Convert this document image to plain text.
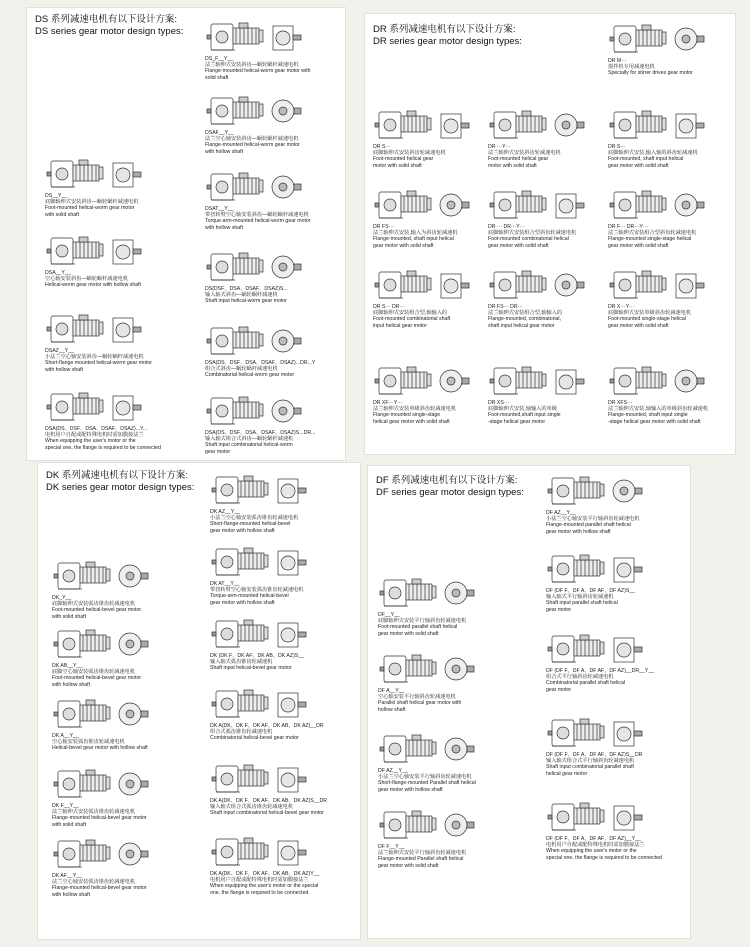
DS 系列减速电机有以下设计方案:
DS series gear motor design types:
DS_F__Y__
法兰轴伸式安装斜齿—蜗轮蜗杆减速电机
Flange-mounted helical-worm gear motor with
solid shaft
DSAF__Y__
法兰空心轴安装斜齿—蜗轮蜗杆减速电机
Flange-mounted helical-worm gear motor
with hollow shaft
DS__Y__
底脚轴伸式安装斜齿—蜗轮蜗杆减速电机
Foot-mounted helical-worm gear motor
with solid shaft
DSAT__Y__
带扭转臂空心轴安装斜齿—蜗轮蜗杆减速电机
Torque-arm-mounted helical-worm gear motor
with hollow shaft
DSA__Y__
空心轴安装斜齿—蜗轮蜗杆减速电机
Helical-worm gear motor with hollow shaft
DS(DSF、DSA、DSAF、DSAZ)S...
输入轴式斜齿—蜗轮蜗杆减速机
Shaft input helical-worm gear motor
DSAZ__Y__
小法兰空心轴安装斜齿—蜗轮蜗杆减速电机
Short-flange mounted helical-worm gear motor
with hollow shaft
DSA(DS、DSF、DSA、DSAF、DSAZ)...DR...Y
组合式斜齿—蜗轮蜗杆减速电机
Combinatorial helical-worm gear motor
DSA(DS、DSF、DSA、DSAF、DSAZ)...Y...
电机用户自配或配特殊电机时需加膜接法兰
When equipping the user's motor or the
special one, the flange is required to be connected
DSA(DS、DSF、DSA、DSAF、DSAZ)S...DR...
输入轴式组合式斜齿—蜗轮蜗杆减速机
Shaft input combinatorial helical-worm
gear motor
DR 系列减速电机有以下设计方案:
DR series gear motor design types:
DR M···
搅拌机专用减速电机
Specially for stirrer drives gear motor
DR S···
底脚轴伸式安装斜齿轮减速电机
Foot-mounted helical gear
motor with solid shaft
DR ···Y···
法兰轴伸式安装斜齿轮减速电机
Foot-mounted helical gear
motor with solid shaft
DR S···
底脚轴伸式安装,输入轴的斜齿轮减速机
Foot-mounted, shaft input helical
gear motor with solid shaft
DR FS···
法兰轴伸式安装,输入为斜齿轮减速机
Flange-mounted, shaft input helical
gear motor with solid shaft
DR ··· DR···Y···
底脚轴伸式安装组合型斜齿轮减速电机
Foot-mounted combinatorial helical
gear motor with solid shaft
DR F··· DR···Y···
法兰轴伸式安装组合型斜齿轮减速电机
Flange-mounted single-stage helical
gear motor with solid shaft
DR S··· DR···
底脚轴伸式安装组合型,轴输入的
Foot-mounted combinatorial shaft
input helical gear motor
DR FS··· DR···
法兰轴伸式安装组合型,轴输入的
Flange-mounted, combinatorial,
shaft input helical gear motor
DR X···Y···
底脚轴伸式安装单级斜齿轮减速电机
Foot-mounted single-stage helical
gear motor with solid shaft
DR XF···Y···
法兰轴伸式安装单级斜齿轮减速电机
Flange-mounted single-stage
helical gear motor with solid shaft
DR XS···
底脚轴伸式安装,轴输入的单级
Foot-mounted,shaft input single
-stage helical gear motor
DR XFS···
法兰轴伸式安装,轴输入的单级斜齿轮减速机
Flange-mounted, shaft input single
-stage helical gear motor with solid shaft
DK 系列减速电机有以下设计方案:
DK series gear motor design types:
DK AZ__Y__
小法兰空心轴安装弧齿锥齿轮减速电机
Short-flange-mounted helical-bevel
gear motor with hollow shaft
DK_Y__
底脚轴伸式安装弧齿锥齿轮减速电机
Foot-mounted helical-bevel gear motor
with solid shaft
DK AT__Y__
带扭转臂空心轴安装弧齿锥齿轮减速电机
Torque-arm-mounted helical-bevel
gear motor with hollow shaft
DK AB__Y__
底脚空心轴安装弧齿锥齿轮减速电机
Foot-mounted helical-bevel gear motor
with hollow shaft
DK (DK F、DK AF、DK AB、DK AZ)S__
输入轴式弧齿锥齿轮减速机
Shaft input helical-bevel gear motor
DK A__Y__
空心轴安装弧齿锥齿轮减速电机
Helical-bevel gear motor with hollow shaft
DK A(DK、DK F、DK AF、DK AB、DK AZ)__DR
组合式弧齿锥齿轮减速电机
Combinatorial helical-bevel gear motor
DK F__Y__
法兰轴伸式安装弧齿锥齿轮减速电机
Flange-mounted helical-bevel gear motor
with solid shaft
DK A(DK、DK F、DK AF、DK AB、DK AZ)S__DR
输入轴式组合式弧齿锥齿轮减速电机
Shaft input combinatorial helical-bevel gear motor
DK AF__Y__
法兰空心轴安装弧齿锥齿轮减速电机
Flange-mounted helical-bevel gear motor
with hollow shaft
DK A(DK、DK F、DK AF、DK AB、DK AZ)Y__
电机用户自配或配特殊电机时需加膜接法兰
When equipping the user's motor or the special
one, the flange is required to be connected
DF 系列减速电机有以下设计方案:
DF series gear motor design types:
DF AZ__Y__
小法兰空心轴安装平行轴斜齿轮减速电机
Flange-mounted parallel shaft helical
gear motor with hollow shaft
DF (DF F、DF A、DF AF、DF AZ)S__
输入轴式平行轴斜齿轮减速机
Shaft input parallel shaft helical
gear motor
DF__Y__
底脚轴伸式安装平行轴斜齿轮减速电机
Foot-mounted parallel shaft helical
gear motor with solid shaft
DF (DF F、DF A、DF AF、DF AZ)__DR__Y__
组合式平行轴斜齿轮减速电机
Combinatorial parallel shaft helical
gear motor
DF A__Y__
空心轴安装平行轴斜齿轮减速电机
Parallel shaft helical gear motor with
hollow shaft
DF (DF F、DF A、DF AF、DF AZ)S__DR
输入轴式组合式平行轴斜齿轮减速电机
Shaft input combinatorial parallel shaft
helical gear motor
DF AZ__Y__
小法兰空心轴安装平行轴斜齿轮减速电机
Short-flange-mounted Parallel shaft helical
gear motor with hollow shaft
DF (DF F、DF A、DF AF、DF AZ)__Y__
电机用户自配或配特殊电机时需加膜接法兰
When equipping the user's motor or the
special one, the flange is required to be connected
DF F__Y__
法兰轴伸式安装平行轴斜齿轮减速电机
Flange-mounted Parallel shaft helical
gear motor with solid shaft
